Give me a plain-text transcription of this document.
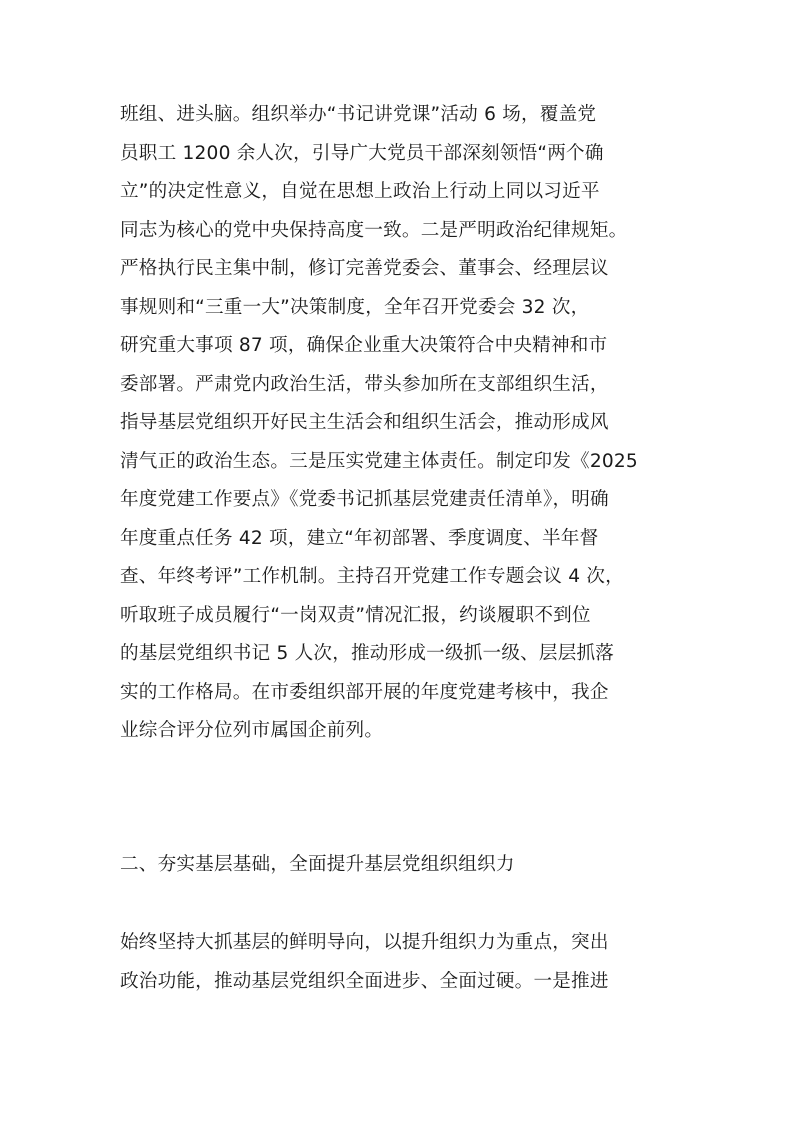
班组、进头脑。组织举办“书记讲党课”活动 6 场，覆盖党
员职工 1200 余人次，引导广大党员干部深刻领悟“两个确
立”的决定性意义，自觉在思想上政治上行动上同以习近平
同志为核心的党中央保持高度一致。二是严明政治纪律规矩。
严格执行民主集中制，修订完善党委会、董事会、经理层议
事规则和“三重一大”决策制度，全年召开党委会 32 次，
研究重大事项 87 项，确保企业重大决策符合中央精神和市
委部署。严肃党内政治生活，带头参加所在支部组织生活，
指导基层党组织开好民主生活会和组织生活会，推动形成风
清气正的政治生态。三是压实党建主体责任。制定印发《2025
年度党建工作要点》《党委书记抓基层党建责任清单》，明确
年度重点任务 42 项，建立“年初部署、季度调度、半年督
查、年终考评”工作机制。主持召开党建工作专题会议 4 次，
听取班子成员履行“一岗双责”情况汇报，约谈履职不到位
的基层党组织书记 5 人次，推动形成一级抓一级、层层抓落
实的工作格局。在市委组织部开展的年度党建考核中，我企
业综合评分位列市属国企前列。
二、夯实基层基础，全面提升基层党组织组织力
始终坚持大抓基层的鲜明导向，以提升组织力为重点，突出
政治功能，推动基层党组织全面进步、全面过硬。一是推进
